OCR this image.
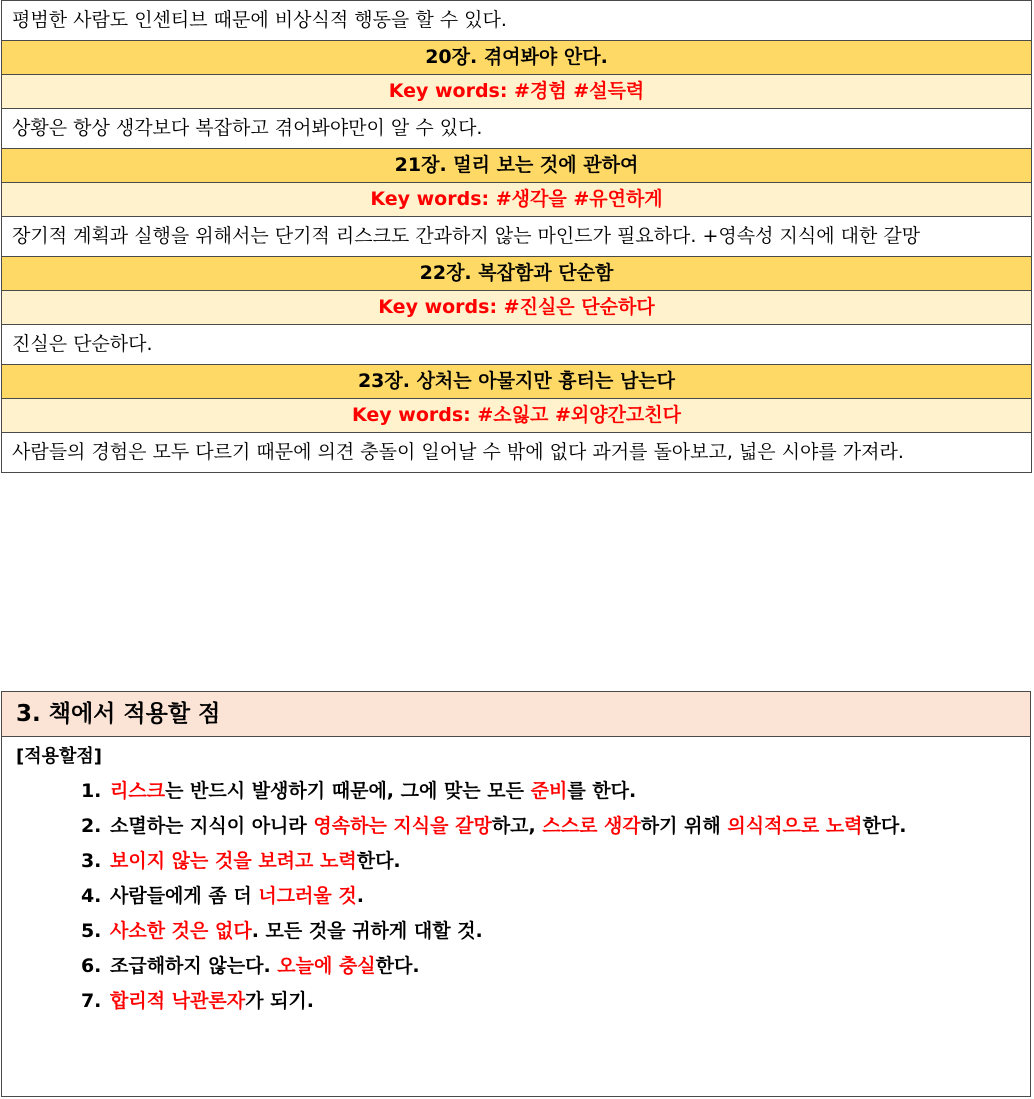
평범한 사람도 인센티브 때문에 비상식적 행동을 할 수 있다.
20장. 겪여봐야 안다.
Key words: #경험 #설득력
상황은 항상 생각보다 복잡하고 겪어봐야만이 알 수 있다.
21장. 멀리 보는 것에 관하여
Key words: #생각을 #유연하게
장기적 계획과 실행을 위해서는 단기적 리스크도 간과하지 않는 마인드가 필요하다. +영속성 지식에 대한 갈망
22장. 복잡함과 단순함
Key words: #진실은 단순하다
진실은 단순하다.
23장. 상처는 아물지만 흉터는 남는다
Key words: #소잃고 #외양간고친다
사람들의 경험은 모두 다르기 때문에 의견 충돌이 일어날 수 밖에 없다 과거를 돌아보고, 넓은 시야를 가져라.
3. 책에서 적용할 점
[적용할점]
1. 리스크는 반드시 발생하기 때문에, 그에 맞는 모든 준비를 한다.
2. 소멸하는 지식이 아니라 영속하는 지식을 갈망하고, 스스로 생각하기 위해 의식적으로 노력한다.
3. 보이지 않는 것을 보려고 노력한다.
4. 사람들에게 좀 더 너그러울 것.
5. 사소한 것은 없다. 모든 것을 귀하게 대할 것.
6. 조급해하지 않는다. 오늘에 충실한다.
7. 합리적 낙관론자가 되기.
